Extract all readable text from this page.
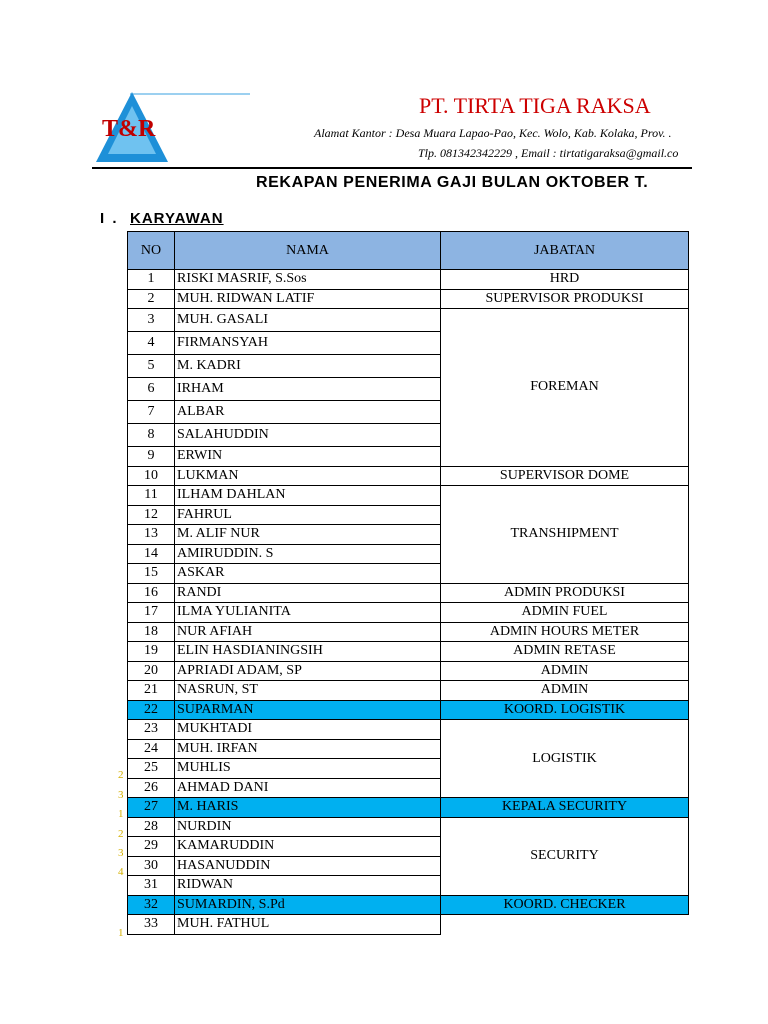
T&R
PT. TIRTA TIGA RAKSA
Alamat Kantor : Desa Muara Lapao-Pao, Kec. Wolo, Kab. Kolaka, Prov. .
Tlp. 081342342229 , Email : tirtatigaraksa@gmail.co
REKAPAN PENERIMA GAJI BULAN OKTOBER T.
I . KARYAWAN
NO	NAMA	JABATAN
1	RISKI MASRIF, S.Sos	HRD
2	MUH. RIDWAN LATIF	SUPERVISOR PRODUKSI
3	MUH. GASALI	FOREMAN
4	FIRMANSYAH	
5	M. KADRI	
6	IRHAM	
7	ALBAR	
8	SALAHUDDIN	
9	ERWIN	
10	LUKMAN	SUPERVISOR DOME
11	ILHAM DAHLAN	TRANSHIPMENT
12	FAHRUL	
13	M. ALIF NUR	
14	AMIRUDDIN. S	
15	ASKAR	
16	RANDI	ADMIN PRODUKSI
17	ILMA YULIANITA	ADMIN FUEL
18	NUR AFIAH	ADMIN HOURS METER
19	ELIN HASDIANINGSIH	ADMIN RETASE
20	APRIADI ADAM, SP	ADMIN
21	NASRUN, ST	ADMIN
22	SUPARMAN	KOORD. LOGISTIK
23	MUKHTADI	LOGISTIK
24	MUH. IRFAN	
25	MUHLIS	
26	AHMAD DANI	
27	M. HARIS	KEPALA SECURITY
28	NURDIN	SECURITY
29	KAMARUDDIN	
30	HASANUDDIN	
31	RIDWAN	
32	SUMARDIN, S.Pd	KOORD. CHECKER
33	MUH. FATHUL	
2
3
1
2
3
4
1
